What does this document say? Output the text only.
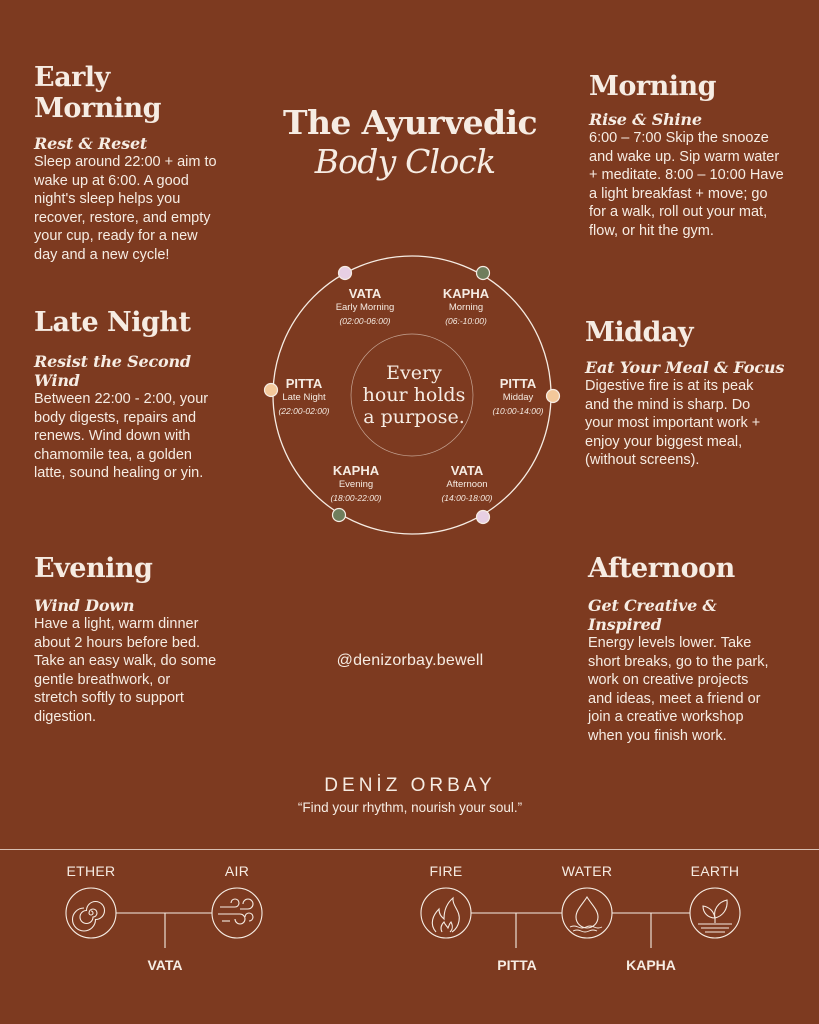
The Ayurvedic
Body Clock
Early Morning
Rest & Reset

Sleep around 22:00 + aim to
wake up at 6:00. A good
night's sleep helps you
recover, restore, and empty
your cup, ready for a new
day and a new cycle!

Morning
Rise & Shine

6:00 – 7:00 Skip the snooze
and wake up. Sip warm water
+ meditate. 8:00 – 10:00 Have
a light breakfast + move; go
for a walk, roll out your mat,
flow, or hit the gym.

Late Night
Resist the Second Wind

Between 22:00 - 2:00, your
body digests, repairs and
renews. Wind down with
chamomile tea, a golden
latte, sound healing or yin.

Midday
Eat Your Meal & Focus

Digestive fire is at its peak
and the mind is sharp. Do
your most important work +
enjoy your biggest meal,
(without screens).

Evening
Wind Down

Have a light, warm dinner
about 2 hours before bed.
Take an easy walk, do some
gentle breathwork, or
stretch softly to support
digestion.

Afternoon
Get Creative & Inspired

Energy levels lower. Take
short breaks, go to the park,
work on creative projects
and ideas, meet a friend or
join a creative workshop
when you finish work.

VATA
Early Morning
(02:00-06:00)
KAPHA
Morning
(06:-10:00)
PITTA
Midday
(10:00-14:00)
VATA
Afternoon
(14:00-18:00)
KAPHA
Evening
(18:00-22:00)
PITTA
Late Night
(22:00-02:00)
Every
hour holds
a purpose.
@denizorbay.bewell
DENİZ ORBAY
“Find your rhythm, nourish your soul.”
ETHER	AIR	FIRE	WATER	EARTH
VATA	PITTA	KAPHA
